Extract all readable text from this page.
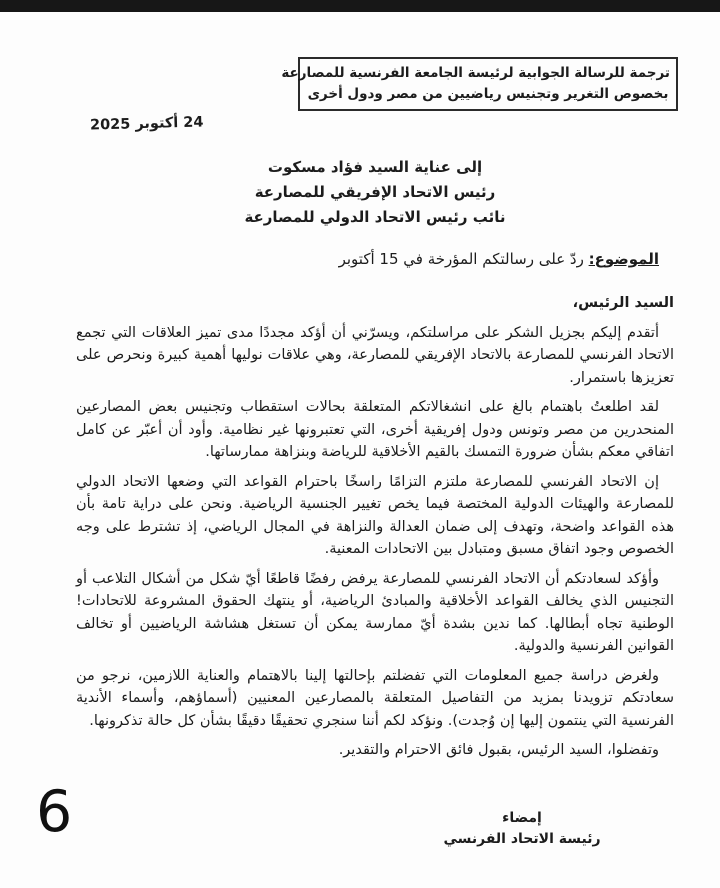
ترجمة للرسالة الجوابية لرئيسة الجامعة الفرنسية للمصارعة
بخصوص التغرير وتجنيس رياضيين من مصر ودول أخرى
24 أكتوبر 2025
إلى عناية السيد فؤاد مسكوت
رئيس الاتحاد الإفريقي للمصارعة
نائب رئيس الاتحاد الدولي للمصارعة
الموضوع: ردّ على رسالتكم المؤرخة في 15 أكتوبر

السيد الرئيس،

أتقدم إليكم بجزيل الشكر على مراسلتكم، ويسرّني أن أؤكد مجددًا مدى تميز العلاقات التي تجمع الاتحاد الفرنسي للمصارعة بالاتحاد الإفريقي للمصارعة، وهي علاقات نوليها أهمية كبيرة ونحرص على تعزيزها باستمرار.

لقد اطلعتُ باهتمام بالغ على انشغالاتكم المتعلقة بحالات استقطاب وتجنيس بعض المصارعين المنحدرين من مصر وتونس ودول إفريقية أخرى، التي تعتبرونها غير نظامية. وأود أن أعبّر عن كامل اتفاقي معكم بشأن ضرورة التمسك بالقيم الأخلاقية للرياضة وبنزاهة ممارساتها.

إن الاتحاد الفرنسي للمصارعة ملتزم التزامًا راسخًا باحترام القواعد التي وضعها الاتحاد الدولي للمصارعة والهيئات الدولية المختصة فيما يخص تغيير الجنسية الرياضية. ونحن على دراية تامة بأن هذه القواعد واضحة، وتهدف إلى ضمان العدالة والنزاهة في المجال الرياضي، إذ تشترط على وجه الخصوص وجود اتفاق مسبق ومتبادل بين الاتحادات المعنية.

وأؤكد لسعادتكم أن الاتحاد الفرنسي للمصارعة يرفض رفضًا قاطعًا أيّ شكل من أشكال التلاعب أو التجنيس الذي يخالف القواعد الأخلاقية والمبادئ الرياضية، أو ينتهك الحقوق المشروعة للاتحادات! الوطنية تجاه أبطالها. كما ندين بشدة أيّ ممارسة يمكن أن تستغل هشاشة الرياضيين أو تخالف القوانين الفرنسية والدولية.

ولغرض دراسة جميع المعلومات التي تفضلتم بإحالتها إلينا بالاهتمام والعناية اللازمين، نرجو من سعادتكم تزويدنا بمزيد من التفاصيل المتعلقة بالمصارعين المعنيين (أسماؤهم، وأسماء الأندية الفرنسية التي ينتمون إليها إن وُجدت). ونؤكد لكم أننا سنجري تحقيقًا دقيقًا بشأن كل حالة تذكرونها.

وتفضلوا، السيد الرئيس، بقبول فائق الاحترام والتقدير.

إمضاء
رئيسة الاتحاد الفرنسي
6
